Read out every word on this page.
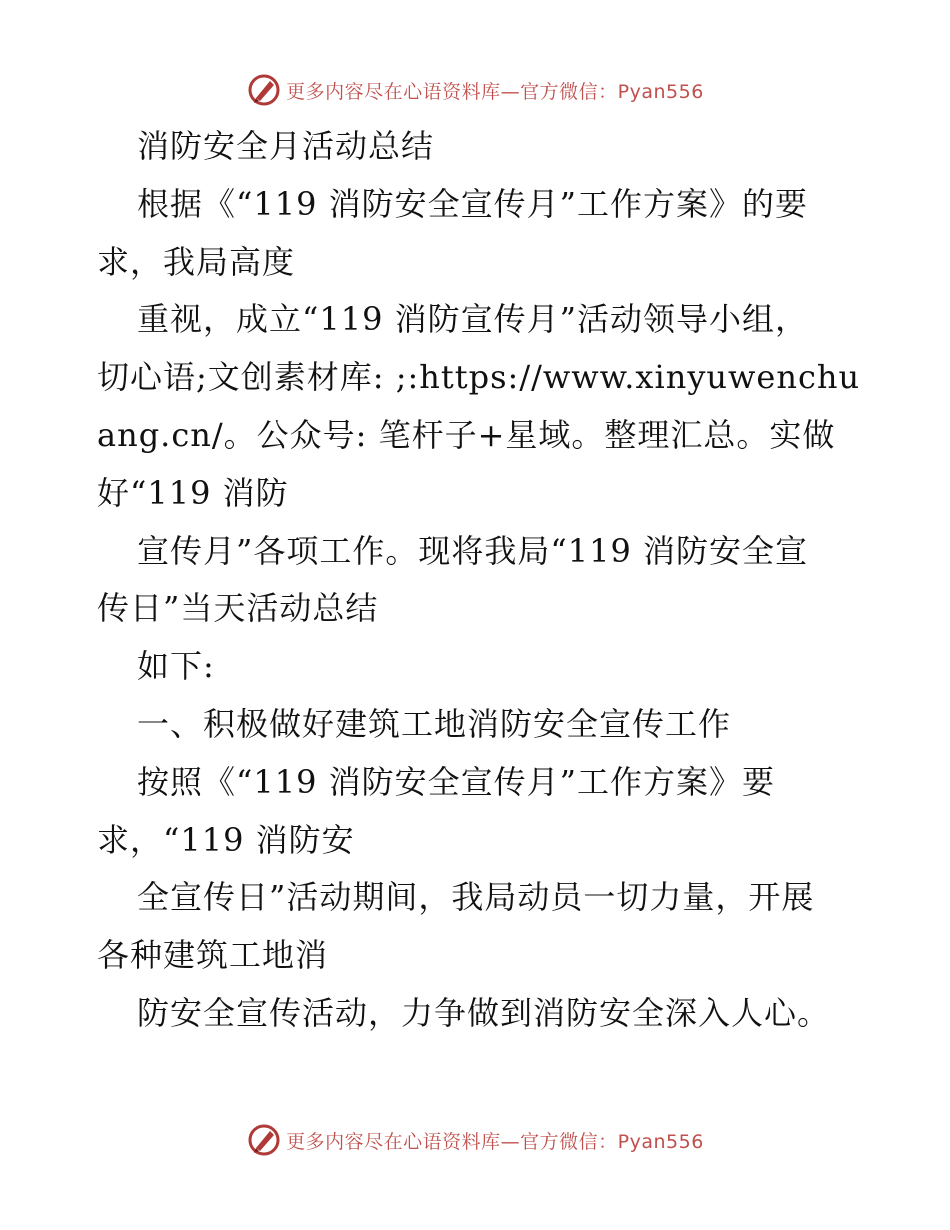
更多内容尽在心语资料库—官方微信：Pyan556

消防安全月活动总结

根据《“119 消防安全宣传月”工作方案》的要

求，我局高度

重视，成立“119 消防宣传月”活动领导小组，

切心语;文创素材库: ;:https://www.xinyuwenchu

ang.cn/。公众号: 笔杆子+星域。整理汇总。实做

好“119 消防

宣传月”各项工作。现将我局“119 消防安全宣

传日”当天活动总结

如下:

一、积极做好建筑工地消防安全宣传工作

按照《“119 消防安全宣传月”工作方案》要

求，“119 消防安

全宣传日”活动期间，我局动员一切力量，开展

各种建筑工地消

防安全宣传活动，力争做到消防安全深入人心。

更多内容尽在心语资料库—官方微信：Pyan556
